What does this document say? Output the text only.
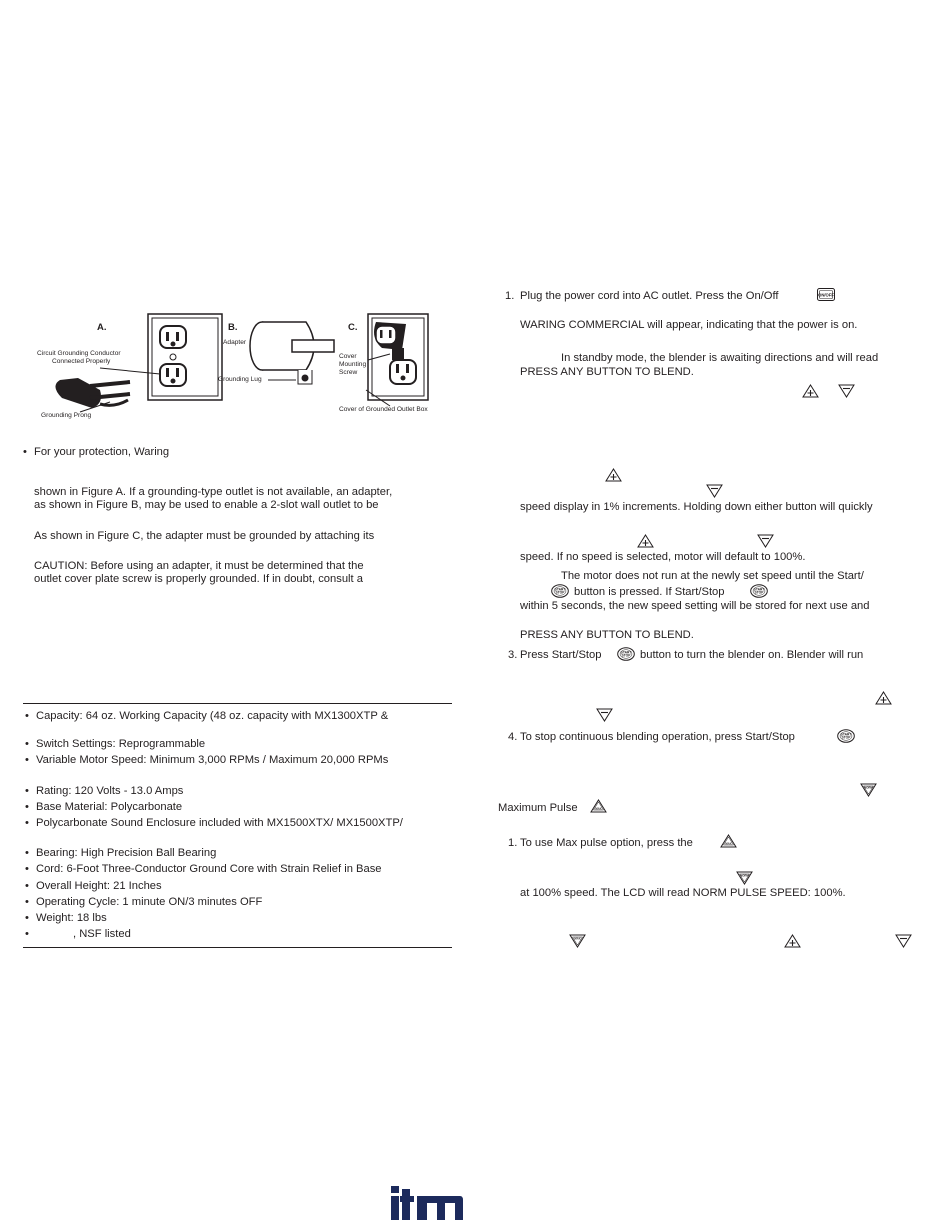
A.	B.	C.
Circuit Grounding Conductor
Connected Properly
Grounding Prong
Adapter
Grounding Lug
Cover
Mounting
Screw
Cover of Grounded Outlet Box
• For your protection, Waring
shown in Figure A. If a grounding-type outlet is not available, an adapter,
as shown in Figure B, may be used to enable a 2-slot wall outlet to be
As shown in Figure C, the adapter must be grounded by attaching its
CAUTION: Before using an adapter, it must be determined that the
outlet cover plate screw is properly grounded. If in doubt, consult a
• Capacity: 64 oz. Working Capacity (48 oz. capacity with MX1300XTP &
• Switch Settings: Reprogrammable
• Variable Motor Speed: Minimum 3,000 RPMs / Maximum 20,000 RPMs
• Rating: 120 Volts - 13.0 Amps
• Base Material: Polycarbonate
• Polycarbonate Sound Enclosure included with MX1500XTX/ MX1500XTP/
• Bearing: High Precision Ball Bearing
• Cord: 6-Foot Three-Conductor Ground Core with Strain Relief in Base
• Overall Height: 21 Inches
• Operating Cycle: 1 minute ON/3 minutes OFF
• Weight: 18 lbs
•	, NSF listed
1. Plug the power cord into AC outlet. Press the On/Off	ON/OFF
WARING COMMERCIAL will appear, indicating that the power is on.
In standby mode, the blender is awaiting directions and will read
PRESS ANY BUTTON TO BLEND.
speed display in 1% increments. Holding down either button will quickly
speed. If no speed is selected, motor will default to 100%.
The motor does not run at the newly set speed until the Start/
START
STOP button is pressed. If Start/Stop	START
STOP
within 5 seconds, the new speed setting will be stored for next use and
PRESS ANY BUTTON TO BLEND.
3. Press Start/Stop	START
STOP button to turn the blender on. Blender will run
4. To stop continuous blending operation, press Start/Stop	START
STOP
NORM
Maximum Pulse	MAX
1. To use Max pulse option, press the	MAX
NORM
at 100% speed. The LCD will read NORM PULSE SPEED: 100%.
MAX
